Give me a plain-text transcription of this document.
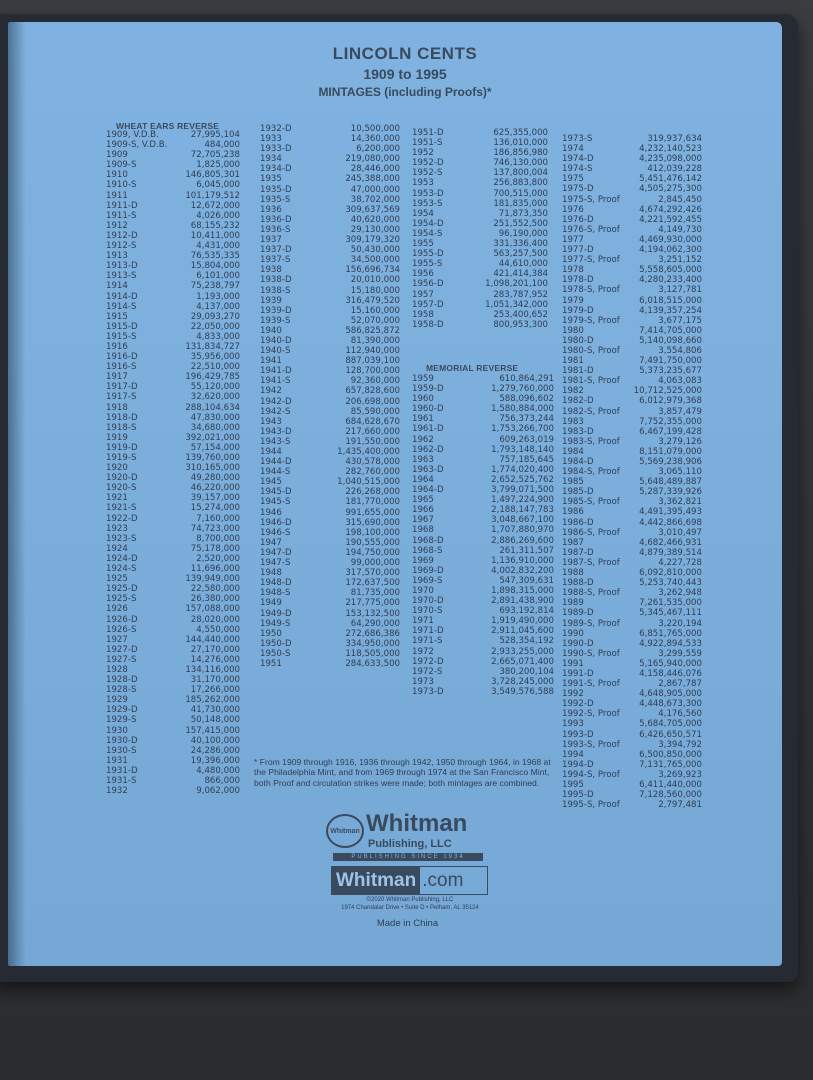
LINCOLN CENTS
1909 to 1995
MINTAGES (including Proofs)*
WHEAT EARS REVERSE
1909, V.D.B.	27,995,104
1909-S, V.D.B.	484,000
1909	72,705,238
1909-S	1,825,000
1910	146,805,301
1910-S	6,045,000
1911	101,179,512
1911-D	12,672,000
1911-S	4,026,000
1912	68,155,232
1912-D	10,411,000
1912-S	4,431,000
1913	76,535,335
1913-D	15,804,000
1913-S	6,101,000
1914	75,238,797
1914-D	1,193,000
1914-S	4,137,000
1915	29,093,270
1915-D	22,050,000
1915-S	4,833,000
1916	131,834,727
1916-D	35,956,000
1916-S	22,510,000
1917	196,429,785
1917-D	55,120,000
1917-S	32,620,000
1918	288,104,634
1918-D	47,830,000
1918-S	34,680,000
1919	392,021,000
1919-D	57,154,000
1919-S	139,760,000
1920	310,165,000
1920-D	49,280,000
1920-S	46,220,000
1921	39,157,000
1921-S	15,274,000
1922-D	7,160,000
1923	74,723,000
1923-S	8,700,000
1924	75,178,000
1924-D	2,520,000
1924-S	11,696,000
1925	139,949,000
1925-D	22,580,000
1925-S	26,380,000
1926	157,088,000
1926-D	28,020,000
1926-S	4,550,000
1927	144,440,000
1927-D	27,170,000
1927-S	14,276,000
1928	134,116,000
1928-D	31,170,000
1928-S	17,266,000
1929	185,262,000
1929-D	41,730,000
1929-S	50,148,000
1930	157,415,000
1930-D	40,100,000
1930-S	24,286,000
1931	19,396,000
1931-D	4,480,000
1931-S	866,000
1932	9,062,000
1932-D	10,500,000
1933	14,360,000
1933-D	6,200,000
1934	219,080,000
1934-D	28,446,000
1935	245,388,000
1935-D	47,000,000
1935-S	38,702,000
1936	309,637,569
1936-D	40,620,000
1936-S	29,130,000
1937	309,179,320
1937-D	50,430,000
1937-S	34,500,000
1938	156,696,734
1938-D	20,010,000
1938-S	15,180,000
1939	316,479,520
1939-D	15,160,000
1939-S	52,070,000
1940	586,825,872
1940-D	81,390,000
1940-S	112,940,000
1941	887,039,100
1941-D	128,700,000
1941-S	92,360,000
1942	657,828,600
1942-D	206,698,000
1942-S	85,590,000
1943	684,628,670
1943-D	217,660,000
1943-S	191,550,000
1944	1,435,400,000
1944-D	430,578,000
1944-S	282,760,000
1945	1,040,515,000
1945-D	226,268,000
1945-S	181,770,000
1946	991,655,000
1946-D	315,690,000
1946-S	198,100,000
1947	190,555,000
1947-D	194,750,000
1947-S	99,000,000
1948	317,570,000
1948-D	172,637,500
1948-S	81,735,000
1949	217,775,000
1949-D	153,132,500
1949-S	64,290,000
1950	272,686,386
1950-D	334,950,000
1950-S	118,505,000
1951	284,633,500
1951-D	625,355,000
1951-S	136,010,000
1952	186,856,980
1952-D	746,130,000
1952-S	137,800,004
1953	256,883,800
1953-D	700,515,000
1953-S	181,835,000
1954	71,873,350
1954-D	251,552,500
1954-S	96,190,000
1955	331,336,400
1955-D	563,257,500
1955-S	44,610,000
1956	421,414,384
1956-D	1,098,201,100
1957	283,787,952
1957-D	1,051,342,000
1958	253,400,652
1958-D	800,953,300
MEMORIAL REVERSE
1959	610,864,291
1959-D	1,279,760,000
1960	588,096,602
1960-D	1,580,884,000
1961	756,373,244
1961-D	1,753,266,700
1962	609,263,019
1962-D	1,793,148,140
1963	757,185,645
1963-D	1,774,020,400
1964	2,652,525,762
1964-D	3,799,071,500
1965	1,497,224,900
1966	2,188,147,783
1967	3,048,667,100
1968	1,707,880,970
1968-D	2,886,269,600
1968-S	261,311,507
1969	1,136,910,000
1969-D	4,002,832,200
1969-S	547,309,631
1970	1,898,315,000
1970-D	2,891,438,900
1970-S	693,192,814
1971	1,919,490,000
1971-D	2,911,045,600
1971-S	528,354,192
1972	2,933,255,000
1972-D	2,665,071,400
1972-S	380,200,104
1973	3,728,245,000
1973-D	3,549,576,588
1973-S	319,937,634
1974	4,232,140,523
1974-D	4,235,098,000
1974-S	412,039,228
1975	5,451,476,142
1975-D	4,505,275,300
1975-S, Proof	2,845,450
1976	4,674,292,426
1976-D	4,221,592,455
1976-S, Proof	4,149,730
1977	4,469,930,000
1977-D	4,194,062,300
1977-S, Proof	3,251,152
1978	5,558,605,000
1978-D	4,280,233,400
1978-S, Proof	3,127,781
1979	6,018,515,000
1979-D	4,139,357,254
1979-S, Proof	3,677,175
1980	7,414,705,000
1980-D	5,140,098,660
1980-S, Proof	3,554,806
1981	7,491,750,000
1981-D	5,373,235,677
1981-S, Proof	4,063,083
1982	10,712,525,000
1982-D	6,012,979,368
1982-S, Proof	3,857,479
1983	7,752,355,000
1983-D	6,467,199,428
1983-S, Proof	3,279,126
1984	8,151,079,000
1984-D	5,569,238,906
1984-S, Proof	3,065,110
1985	5,648,489,887
1985-D	5,287,339,926
1985-S, Proof	3,362,821
1986	4,491,395,493
1986-D	4,442,866,698
1986-S, Proof	3,010,497
1987	4,682,466,931
1987-D	4,879,389,514
1987-S, Proof	4,227,728
1988	6,092,810,000
1988-D	5,253,740,443
1988-S, Proof	3,262,948
1989	7,261,535,000
1989-D	5,345,467,111
1989-S, Proof	3,220,194
1990	6,851,765,000
1990-D	4,922,894,533
1990-S, Proof	3,299,559
1991	5,165,940,000
1991-D	4,158,446,076
1991-S, Proof	2,867,787
1992	4,648,905,000
1992-D	4,448,673,300
1992-S, Proof	4,176,560
1993	5,684,705,000
1993-D	6,426,650,571
1993-S, Proof	3,394,792
1994	6,500,850,000
1994-D	7,131,765,000
1994-S, Proof	3,269,923
1995	6,411,440,000
1995-D	7,128,560,000
1995-S, Proof	2,797,481
* From 1909 through 1916, 1936 through 1942, 1950 through 1964, in 1968 at the Philadelphia Mint, and from 1969 through 1974 at the San Francisco Mint, both Proof and circulation strikes were made; both mintages are combined.
Whitman Whitman
Publishing, LLC
PUBLISHING SINCE 1934
Whitman .com
©2020 Whitman Publishing, LLC
1974 Chandalar Drive • Suite D • Pelham, AL 35124
Made in China
